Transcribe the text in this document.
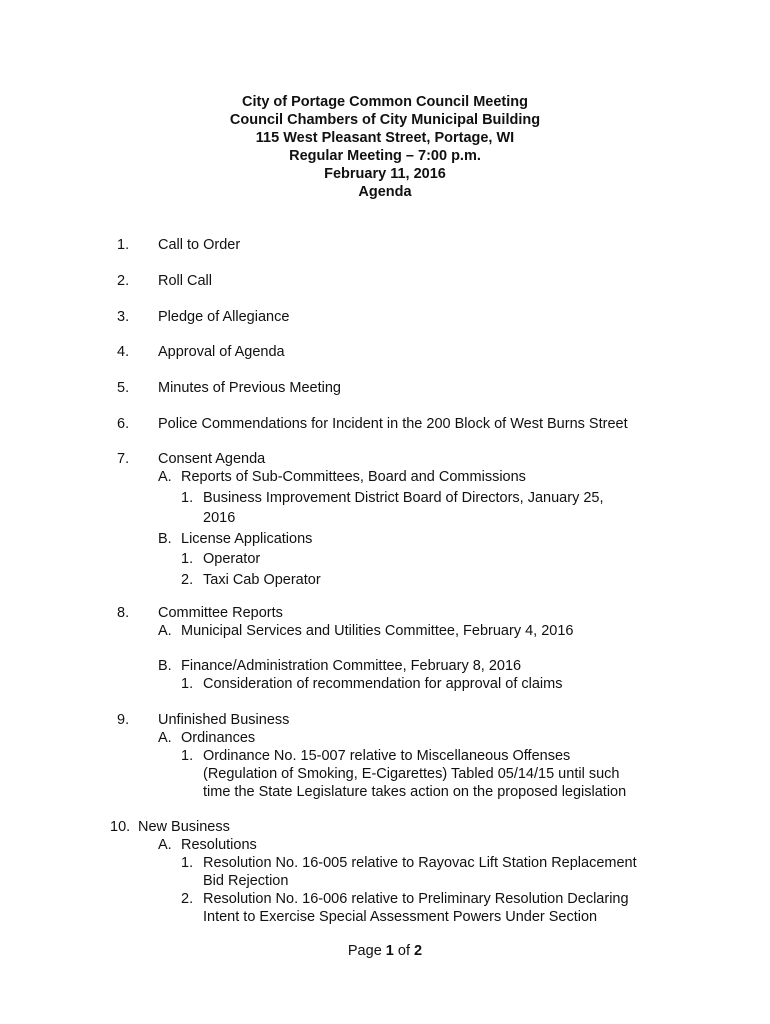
City of Portage Common Council Meeting
Council Chambers of City Municipal Building
115 West Pleasant Street, Portage, WI
Regular Meeting – 7:00 p.m.
February 11, 2016
Agenda
1. Call to Order
2. Roll Call
3. Pledge of Allegiance
4. Approval of Agenda
5. Minutes of Previous Meeting
6. Police Commendations for Incident in the 200 Block of West Burns Street
7. Consent Agenda
A. Reports of Sub-Committees, Board and Commissions
1. Business Improvement District Board of Directors, January 25,
2016
B. License Applications
1. Operator
2. Taxi Cab Operator
8. Committee Reports
A. Municipal Services and Utilities Committee, February 4, 2016
B. Finance/Administration Committee, February 8, 2016
1. Consideration of recommendation for approval of claims
9. Unfinished Business
A. Ordinances
1. Ordinance No. 15-007 relative to Miscellaneous Offenses
(Regulation of Smoking, E-Cigarettes) Tabled 05/14/15 until such
time the State Legislature takes action on the proposed legislation
10. New Business
A. Resolutions
1. Resolution No. 16-005 relative to Rayovac Lift Station Replacement
Bid Rejection
2. Resolution No. 16-006 relative to Preliminary Resolution Declaring
Intent to Exercise Special Assessment Powers Under Section
Page 1 of 2
